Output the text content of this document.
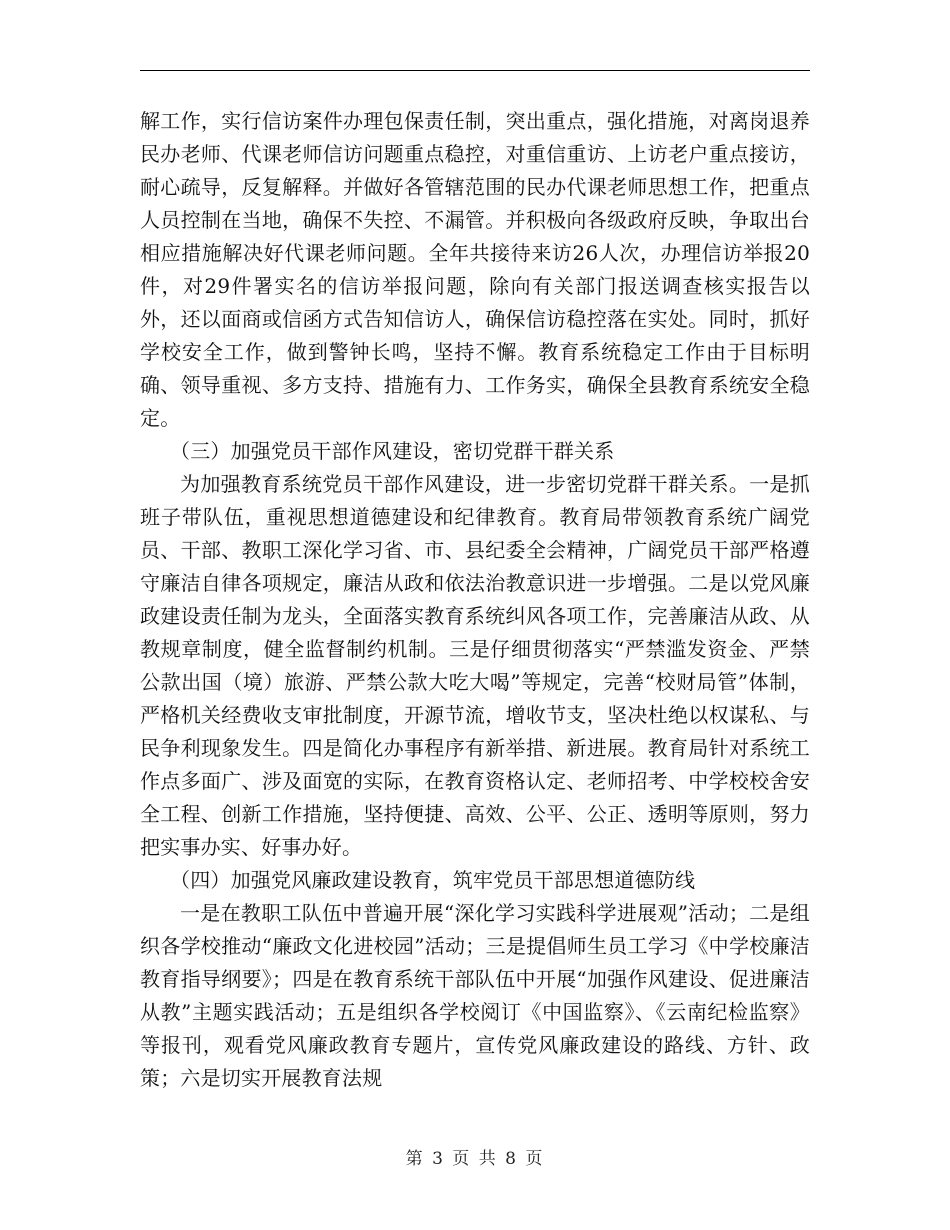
解工作，实行信访案件办理包保责任制，突出重点，强化措施，对离岗退养民办老师、代课老师信访问题重点稳控，对重信重访、上访老户重点接访，耐心疏导，反复解释。并做好各管辖范围的民办代课老师思想工作，把重点人员控制在当地，确保不失控、不漏管。并积极向各级政府反映，争取出台相应措施解决好代课老师问题。全年共接待来访26人次，办理信访举报20件，对29件署实名的信访举报问题，除向有关部门报送调查核实报告以外，还以面商或信函方式告知信访人，确保信访稳控落在实处。同时，抓好学校安全工作，做到警钟长鸣，坚持不懈。教育系统稳定工作由于目标明确、领导重视、多方支持、措施有力、工作务实，确保全县教育系统安全稳定。

（三）加强党员干部作风建设，密切党群干群关系

为加强教育系统党员干部作风建设，进一步密切党群干群关系。一是抓班子带队伍，重视思想道德建设和纪律教育。教育局带领教育系统广阔党员、干部、教职工深化学习省、市、县纪委全会精神，广阔党员干部严格遵守廉洁自律各项规定，廉洁从政和依法治教意识进一步增强。二是以党风廉政建设责任制为龙头，全面落实教育系统纠风各项工作，完善廉洁从政、从教规章制度，健全监督制约机制。三是仔细贯彻落实“严禁滥发资金、严禁公款出国（境）旅游、严禁公款大吃大喝”等规定，完善“校财局管”体制，严格机关经费收支审批制度，开源节流，增收节支，坚决杜绝以权谋私、与民争利现象发生。四是简化办事程序有新举措、新进展。教育局针对系统工作点多面广、涉及面宽的实际，在教育资格认定、老师招考、中学校校舍安全工程、创新工作措施，坚持便捷、高效、公平、公正、透明等原则，努力把实事办实、好事办好。

（四）加强党风廉政建设教育，筑牢党员干部思想道德防线

一是在教职工队伍中普遍开展“深化学习实践科学进展观”活动；二是组织各学校推动“廉政文化进校园”活动；三是提倡师生员工学习《中学校廉洁教育指导纲要》；四是在教育系统干部队伍中开展“加强作风建设、促进廉洁从教”主题实践活动；五是组织各学校阅订《中国监察》、《云南纪检监察》等报刊，观看党风廉政教育专题片，宣传党风廉政建设的路线、方针、政策；六是切实开展教育法规

第 3 页 共 8 页
